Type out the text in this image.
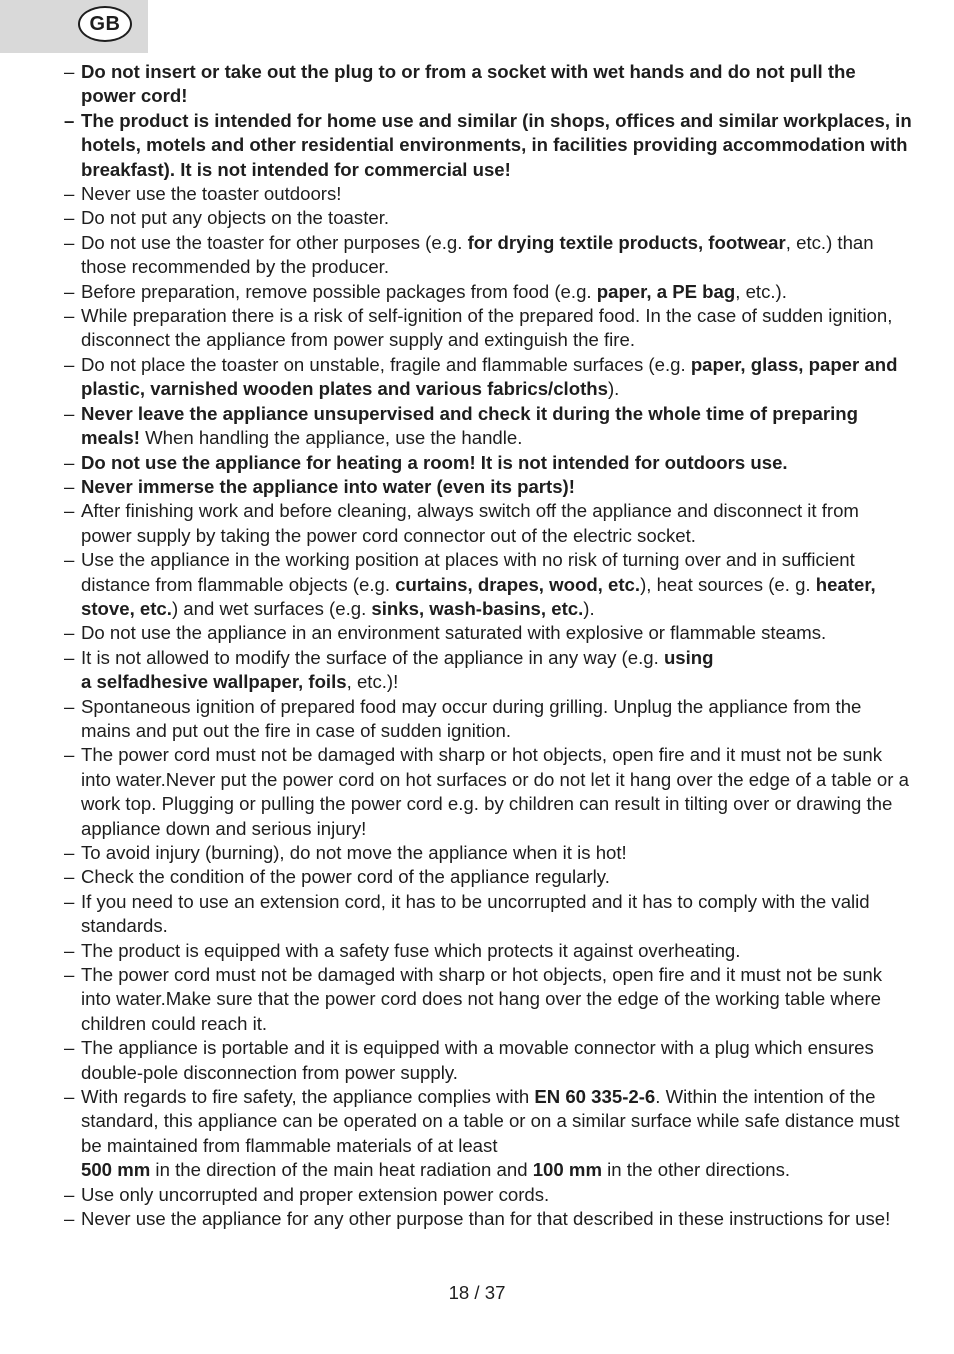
GB
– Do not insert or take out the plug to or from a socket with wet hands and do not pull the power cord!
– The product is intended for home use and similar (in shops, offices and similar workplaces, in hotels, motels and other residential environments, in facilities providing accommodation with breakfast). It is not intended for commercial use!
– Never use the toaster outdoors!
– Do not put any objects on the toaster.
– Do not use the toaster for other purposes (e.g. for drying textile products, footwear, etc.) than those recommended by the producer.
– Before preparation, remove possible packages from food (e.g. paper, a PE bag, etc.).
– While preparation there is a risk of self-ignition of the prepared food. In the case of sudden ignition, disconnect the appliance from power supply and extinguish the fire.
– Do not place the toaster on unstable, fragile and flammable surfaces (e.g. paper, glass, paper and plastic, varnished wooden plates and various fabrics/cloths).
– Never leave the appliance unsupervised and check it during the whole time of preparing meals! When handling the appliance, use the handle.
– Do not use the appliance for heating a room! It is not intended for outdoors use.
– Never immerse the appliance into water (even its parts)!
– After finishing work and before cleaning, always switch off the appliance and disconnect it from power supply by taking the power cord connector out of the electric socket.
– Use the appliance in the working position at places with no risk of turning over and in sufficient distance from flammable objects (e.g. curtains, drapes, wood, etc.), heat sources (e. g. heater, stove, etc.) and wet surfaces (e.g. sinks, wash-basins, etc.).
– Do not use the appliance in an environment saturated with explosive or flammable steams.
– It is not allowed to modify the surface of the appliance in any way (e.g. using
a selfadhesive wallpaper, foils, etc.)!
– Spontaneous ignition of prepared food may occur during grilling. Unplug the appliance from the mains and put out the fire in case of sudden ignition.
– The power cord must not be damaged with sharp or hot objects, open fire and it must not be sunk into water.Never put the power cord on hot surfaces or do not let it hang over the edge of a table or a work top. Plugging or pulling the power cord e.g. by children can result in tilting over or drawing the appliance down and serious injury!
– To avoid injury (burning), do not move the appliance when it is hot!
– Check the condition of the power cord of the appliance regularly.
– If you need to use an extension cord, it has to be uncorrupted and it has to comply with the valid standards.
– The product is equipped with a safety fuse which protects it against overheating.
– The power cord must not be damaged with sharp or hot objects, open fire and it must not be sunk into water.Make sure that the power cord does not hang over the edge of the working table where children could reach it.
– The appliance is portable and it is equipped with a movable connector with a plug which ensures double-pole disconnection from power supply.
– With regards to fire safety, the appliance complies with EN 60 335-2-6. Within the intention of the standard, this appliance can be operated on a table or on a similar surface while safe distance must be maintained from flammable materials of at least
500 mm in the direction of the main heat radiation and 100 mm in the other directions.
– Use only uncorrupted and proper extension power cords.
– Never use the appliance for any other purpose than for that described in these instructions for use!
18 / 37
